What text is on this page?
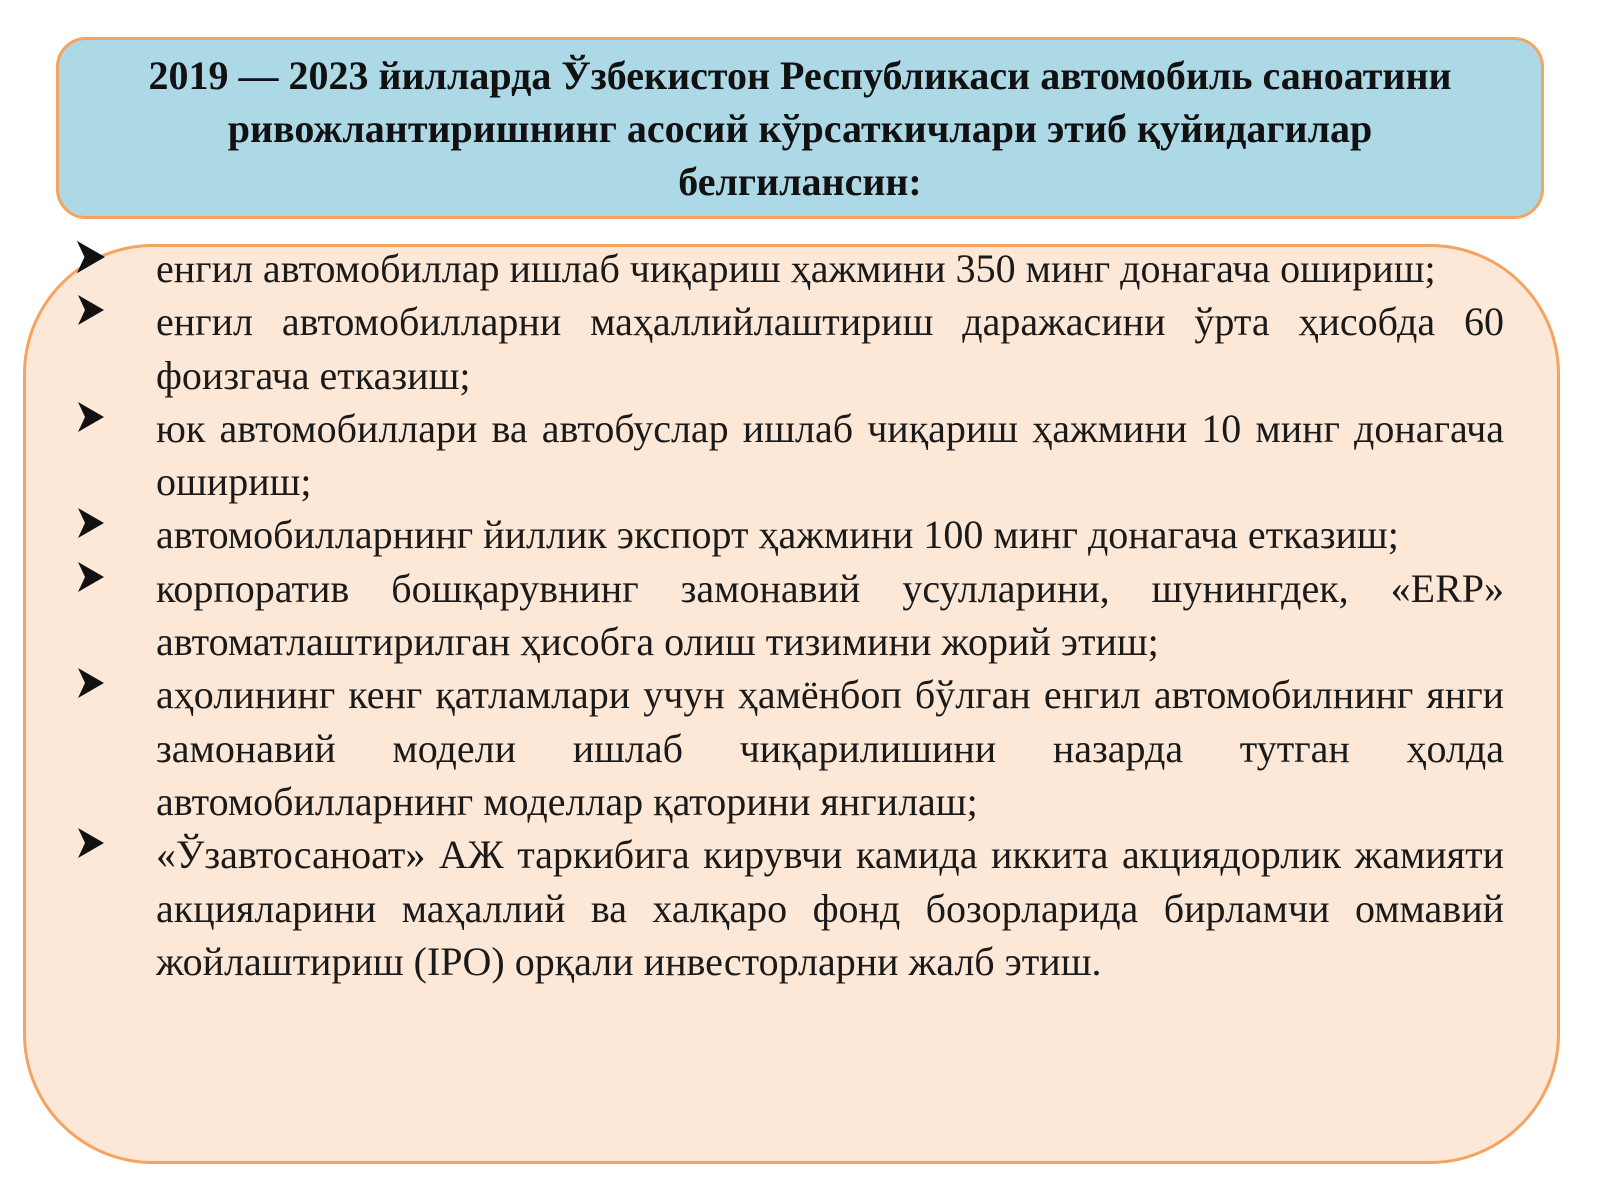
2019 — 2023 йилларда Ўзбекистон Республикаси автомобиль саноатини ривожлантиришнинг асосий кўрсаткичлари этиб қуйидагилар белгилансин:

енгил автомобиллар ишлаб чиқариш ҳажмини 350 минг донагача ошириш;
енгил автомобилларни маҳаллийлаштириш даражасини ўрта ҳисобда 60 фоизгача етказиш;
юк автомобиллари ва автобуслар ишлаб чиқариш ҳажмини 10 минг донагача ошириш;
автомобилларнинг йиллик экспорт ҳажмини 100 минг донагача етказиш;
корпоратив бошқарувнинг замонавий усулларини, шунингдек, «ERP» автоматлаштирилган ҳисобга олиш тизимини жорий этиш;
аҳолининг кенг қатламлари учун ҳамёнбоп бўлган енгил автомобилнинг янги замонавий модели ишлаб чиқарилишини назарда тутган ҳолда автомобилларнинг моделлар қаторини янгилаш;
«Ўзавтосаноат» АЖ таркибига кирувчи камида иккита акциядорлик жамияти акцияларини маҳаллий ва халқаро фонд бозорларида бирламчи оммавий жойлаштириш (IPO) орқали инвесторларни жалб этиш.
